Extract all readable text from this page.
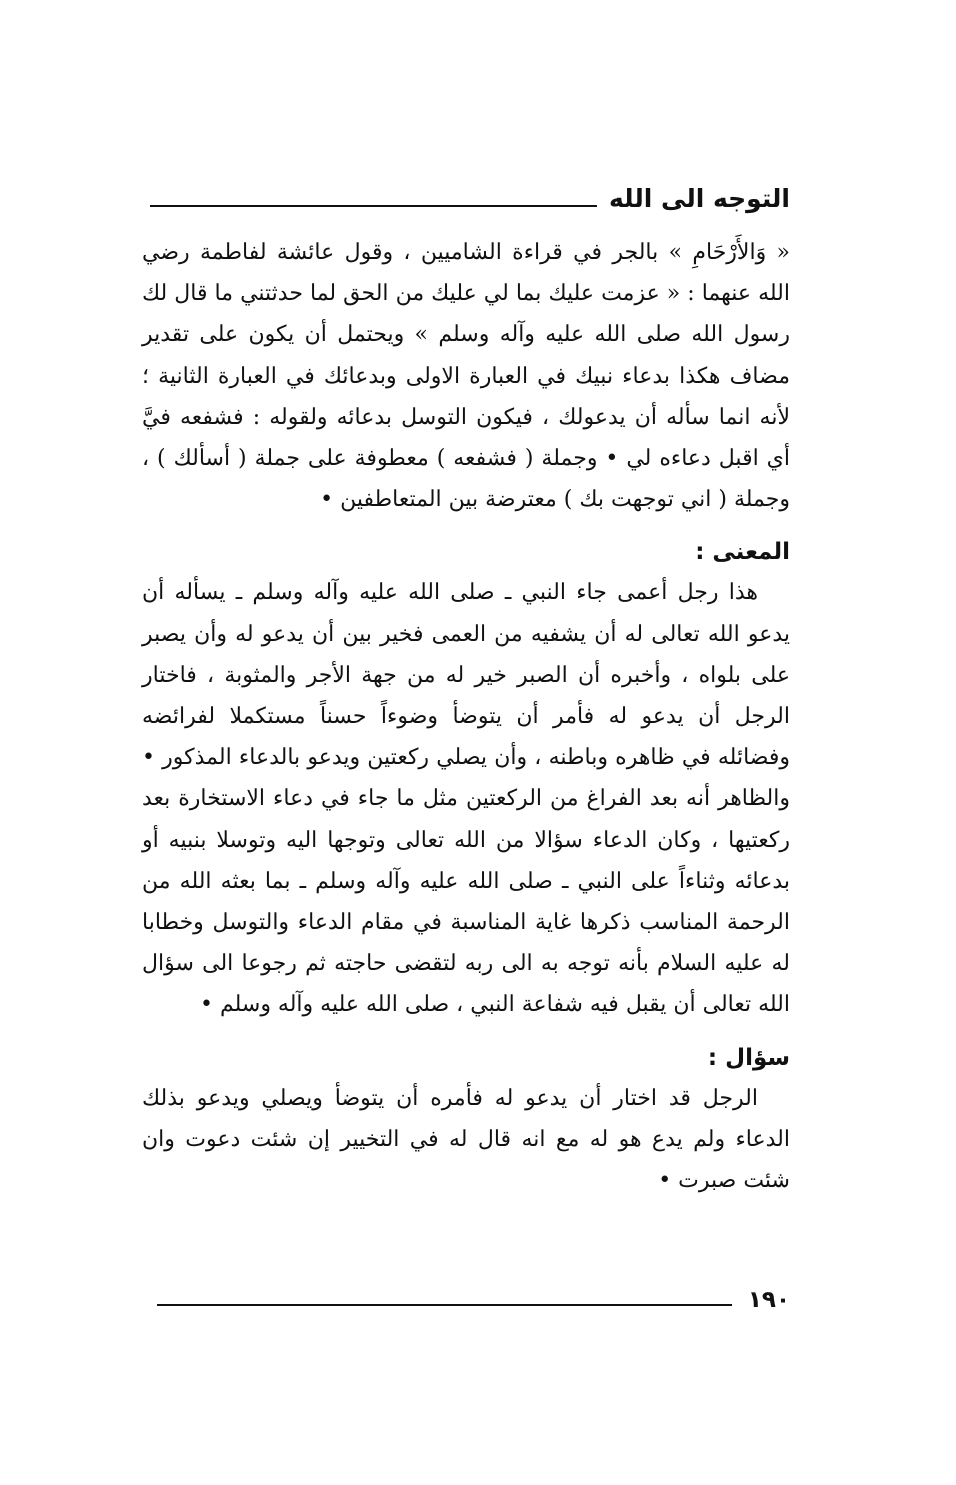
التوجه الى الله

« وَالأَرْحَامِ » بالجر في قراءة الشاميين ، وقول عائشة لفاطمة رضي الله عنهما : « عزمت عليك بما لي عليك من الحق لما حدثتني ما قال لك رسول الله صلى الله عليه وآله وسلم » ويحتمل أن يكون على تقدير مضاف هكذا بدعاء نبيك في العبارة الاولى وبدعائك في العبارة الثانية ؛ لأنه انما سأله أن يدعولك ، فيكون التوسل بدعائه ولقوله : فشفعه فيَّ أي اقبل دعاءه لي • وجملة ( فشفعه ) معطوفة على جملة ( أسألك ) ، وجملة ( اني توجهت بك ) معترضة بين المتعاطفين •

المعنى :

هذا رجل أعمى جاء النبي ـ صلى الله عليه وآله وسلم ـ يسأله أن يدعو الله تعالى له أن يشفيه من العمى فخير بين أن يدعو له وأن يصبر على بلواه ، وأخبره أن الصبر خير له من جهة الأجر والمثوبة ، فاختار الرجل أن يدعو له فأمر أن يتوضأ وضوءاً حسناً مستكملا لفرائضه وفضائله في ظاهره وباطنه ، وأن يصلي ركعتين ويدعو بالدعاء المذكور • والظاهر أنه بعد الفراغ من الركعتين مثل ما جاء في دعاء الاستخارة بعد ركعتيها ، وكان الدعاء سؤالا من الله تعالى وتوجها اليه وتوسلا بنبيه أو بدعائه وثناءاً على النبي ـ صلى الله عليه وآله وسلم ـ بما بعثه الله من الرحمة المناسب ذكرها غاية المناسبة في مقام الدعاء والتوسل وخطابا له عليه السلام بأنه توجه به الى ربه لتقضى حاجته ثم رجوعا الى سؤال الله تعالى أن يقبل فيه شفاعة النبي ، صلى الله عليه وآله وسلم •

سؤال :

الرجل قد اختار أن يدعو له فأمره أن يتوضأ ويصلي ويدعو بذلك الدعاء ولم يدع هو له مع انه قال له في التخيير إن شئت دعوت وان شئت صبرت •

١٩٠
